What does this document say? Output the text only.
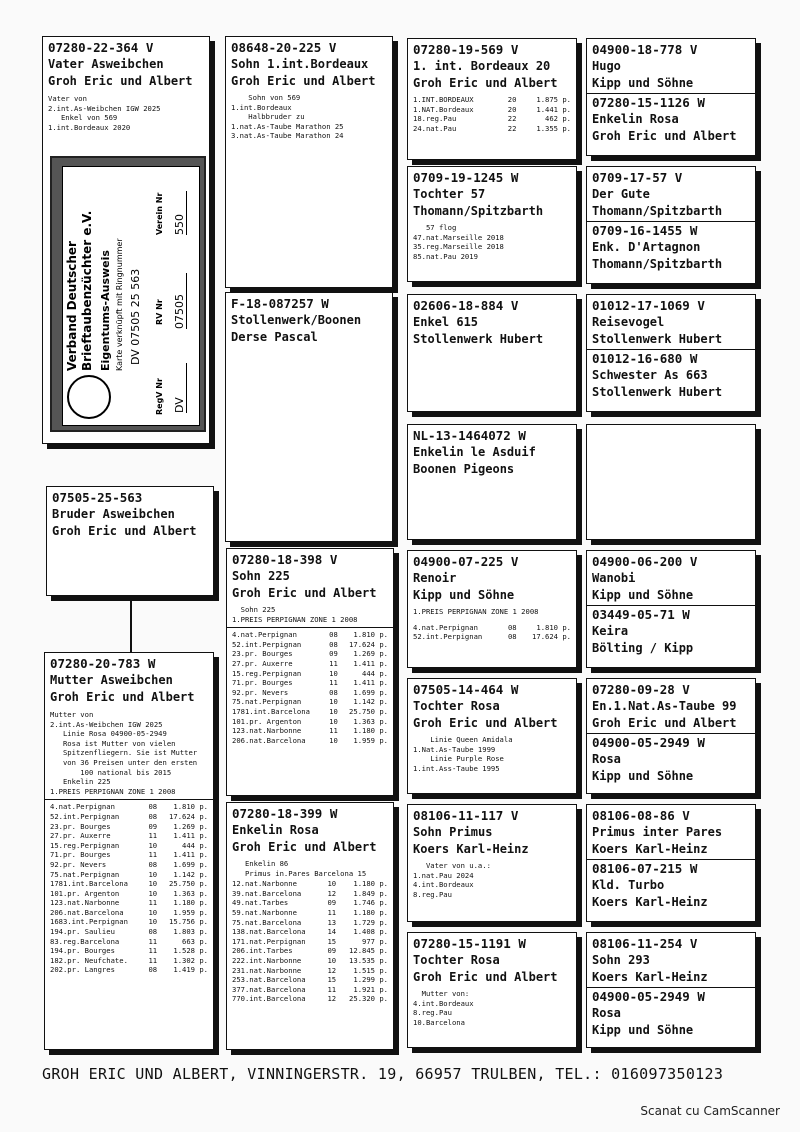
07280-22-364 V
Vater Asweibchen
Groh Eric und Albert
Vater von
2.int.As-Weibchen IGW 2025
Enkel von 569
1.int.Bordeaux 2020
Verband Deutscher Brieftaubenzüchter e.V. Eigentums-Ausweis Karte verknüpft mit Ringnummer DV 07505 25 563
RegV Nr DV
RV Nr 07505
Verein Nr 550
07505-25-563
Bruder Asweibchen
Groh Eric und Albert
07280-20-783 W
Mutter Asweibchen
Groh Eric und Albert
Mutter von
2.int.As-Weibchen IGW 2025
Linie Rosa 04900-05-2949
Rosa ist Mutter von vielen
Spitzenfliegern. Sie ist Mutter
von 36 Preisen unter den ersten
100 national bis 2015
Enkelin 225
1.PREIS PERPIGNAN ZONE 1 2008
4.nat.Perpignan	08	1.810 p.
52.int.Perpignan	08	17.624 p.
23.pr. Bourges	09	1.269 p.
27.pr. Auxerre	11	1.411 p.
15.reg.Perpignan	10	444 p.
71.pr. Bourges	11	1.411 p.
92.pr. Nevers	08	1.699 p.
75.nat.Perpignan	10	1.142 p.
1781.int.Barcelona	10	25.750 p.
101.pr. Argenton	10	1.363 p.
123.nat.Narbonne	11	1.180 p.
206.nat.Barcelona	10	1.959 p.
1683.int.Perpignan	10	15.756 p.
194.pr. Saulieu	08	1.803 p.
83.reg.Barcelona	11	663 p.
194.pr. Bourges	11	1.528 p.
182.pr. Neufchate.	11	1.302 p.
202.pr. Langres	08	1.419 p.
08648-20-225 V
Sohn 1.int.Bordeaux
Groh Eric und Albert
Sohn von 569
1.int.Bordeaux
Halbbruder zu
1.nat.As-Taube Marathon 25
3.nat.As-Taube Marathon 24
F-18-087257 W
Stollenwerk/Boonen
Derse Pascal
07280-18-398 V
Sohn 225
Groh Eric und Albert
Sohn 225
1.PREIS PERPIGNAN ZONE 1 2008
4.nat.Perpignan	08	1.810 p.
52.int.Perpignan	08	17.624 p.
23.pr. Bourges	09	1.269 p.
27.pr. Auxerre	11	1.411 p.
15.reg.Perpignan	10	444 p.
71.pr. Bourges	11	1.411 p.
92.pr. Nevers	08	1.699 p.
75.nat.Perpignan	10	1.142 p.
1781.int.Barcelona	10	25.750 p.
101.pr. Argenton	10	1.363 p.
123.nat.Narbonne	11	1.180 p.
206.nat.Barcelona	10	1.959 p.
07280-18-399 W
Enkelin Rosa
Groh Eric und Albert
Enkelin 86
Primus in.Pares Barcelona 15
12.nat.Narbonne	10	1.180 p.
39.nat.Barcelona	12	1.849 p.
49.nat.Tarbes	09	1.746 p.
59.nat.Narbonne	11	1.180 p.
75.nat.Barcelona	13	1.729 p.
138.nat.Barcelona	14	1.408 p.
171.nat.Perpignan	15	977 p.
206.int.Tarbes	09	12.845 p.
222.int.Narbonne	10	13.535 p.
231.nat.Narbonne	12	1.515 p.
253.nat.Barcelona	15	1.299 p.
377.nat.Barcelona	11	1.921 p.
770.int.Barcelona	12	25.320 p.
07280-19-569 V
1. int. Bordeaux 20
Groh Eric und Albert
1.INT.BORDEAUX	20	1.875 p.
1.NAT.Bordeaux	20	1.441 p.
18.reg.Pau	22	462 p.
24.nat.Pau	22	1.355 p.
0709-19-1245 W
Tochter 57
Thomann/Spitzbarth
57 flog
47.nat.Marseille 2018
35.reg.Marseille 2018
85.nat.Pau 2019
02606-18-884 V
Enkel 615
Stollenwerk Hubert
NL-13-1464072 W
Enkelin le Asduif
Boonen Pigeons
04900-07-225 V
Renoir
Kipp und Söhne
1.PREIS PERPIGNAN ZONE 1 2008
4.nat.Perpignan	08	1.810 p.
52.int.Perpignan	08	17.624 p.
07505-14-464 W
Tochter Rosa
Groh Eric und Albert
Linie Queen Amidala
1.Nat.As-Taube 1999
Linie Purple Rose
1.int.Ass-Taube 1995
08106-11-117 V
Sohn Primus
Koers Karl-Heinz
Vater von u.a.:
1.nat.Pau 2024
4.int.Bordeaux
8.reg.Pau
07280-15-1191 W
Tochter Rosa
Groh Eric und Albert
Mutter von:
4.int.Bordeaux
8.reg.Pau
10.Barcelona
04900-18-778 V
Hugo
Kipp und Söhne
07280-15-1126 W
Enkelin Rosa
Groh Eric und Albert
0709-17-57 V
Der Gute
Thomann/Spitzbarth
0709-16-1455 W
Enk. D'Artagnon
Thomann/Spitzbarth
01012-17-1069 V
Reisevogel
Stollenwerk Hubert
01012-16-680 W
Schwester As 663
Stollenwerk Hubert
04900-06-200 V
Wanobi
Kipp und Söhne
03449-05-71 W
Keira
Bölting / Kipp
07280-09-28 V
En.1.Nat.As-Taube 99
Groh Eric und Albert
04900-05-2949 W
Rosa
Kipp und Söhne
08106-08-86 V
Primus inter Pares
Koers Karl-Heinz
08106-07-215 W
Kld. Turbo
Koers Karl-Heinz
08106-11-254 V
Sohn 293
Koers Karl-Heinz
04900-05-2949 W
Rosa
Kipp und Söhne
GROH ERIC UND ALBERT, VINNINGERSTR. 19, 66957 TRULBEN, TEL.: 016097350123
Scanat cu CamScanner
